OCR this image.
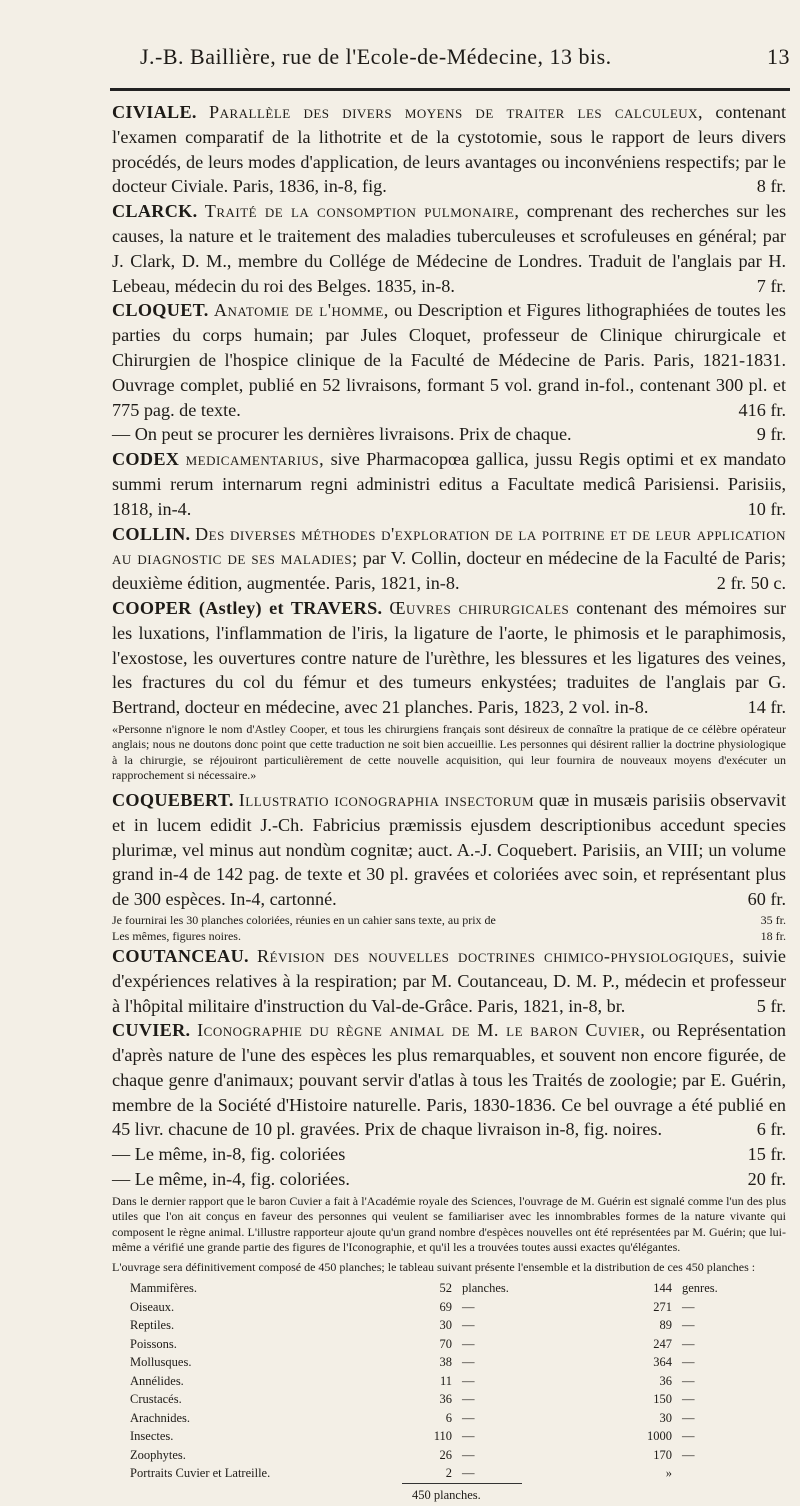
J.-B. Baillière, rue de l'Ecole-de-Médecine, 13 bis.	13

CIVIALE. Parallèle des divers moyens de traiter les calculeux, contenant l'examen comparatif de la lithotrite et de la cystotomie, sous le rapport de leurs divers procédés, de leurs modes d'application, de leurs avantages ou inconvéniens respectifs; par le docteur Civiale. Paris, 1836, in-8, fig.	8 fr.

CLARCK. Traité de la consomption pulmonaire, comprenant des recherches sur les causes, la nature et le traitement des maladies tuberculeuses et scrofuleuses en général; par J. Clark, D. M., membre du Collége de Médecine de Londres. Traduit de l'anglais par H. Lebeau, médecin du roi des Belges. 1835, in-8.	7 fr.

CLOQUET. Anatomie de l'homme, ou Description et Figures lithographiées de toutes les parties du corps humain; par Jules Cloquet, professeur de Clinique chirurgicale et Chirurgien de l'hospice clinique de la Faculté de Médecine de Paris. Paris, 1821-1831. Ouvrage complet, publié en 52 livraisons, formant 5 vol. grand in-fol., contenant 300 pl. et 775 pag. de texte.	416 fr.

— On peut se procurer les dernières livraisons. Prix de chaque.	9 fr.

CODEX medicamentarius, sive Pharmacopœa gallica, jussu Regis optimi et ex mandato summi rerum internarum regni administri editus a Facultate medicâ Parisiensi. Parisiis, 1818, in-4.	10 fr.

COLLIN. Des diverses méthodes d'exploration de la poitrine et de leur application au diagnostic de ses maladies; par V. Collin, docteur en médecine de la Faculté de Paris; deuxième édition, augmentée. Paris, 1821, in-8.	2 fr. 50 c.

COOPER (Astley) et TRAVERS. Œuvres chirurgicales contenant des mémoires sur les luxations, l'inflammation de l'iris, la ligature de l'aorte, le phimosis et le paraphimosis, l'exostose, les ouvertures contre nature de l'urèthre, les blessures et les ligatures des veines, les fractures du col du fémur et des tumeurs enkystées; traduites de l'anglais par G. Bertrand, docteur en médecine, avec 21 planches. Paris, 1823, 2 vol. in-8.	14 fr.

«Personne n'ignore le nom d'Astley Cooper, et tous les chirurgiens français sont désireux de connaître la pratique de ce célèbre opérateur anglais; nous ne doutons donc point que cette traduction ne soit bien accueillie. Les personnes qui désirent rallier la doctrine physiologique à la chirurgie, se réjouiront particulièrement de cette nouvelle acquisition, qui leur fournira de nouveaux moyens d'exécuter un rapprochement si nécessaire.»

COQUEBERT. Illustratio iconographia insectorum quæ in musæis parisiis observavit et in lucem edidit J.-Ch. Fabricius præmissis ejusdem descriptionibus accedunt species plurimæ, vel minus aut nondùm cognitæ; auct. A.-J. Coquebert. Parisiis, an VIII; un volume grand in-4 de 142 pag. de texte et 30 pl. gravées et coloriées avec soin, et représentant plus de 300 espèces. In-4, cartonné.	60 fr.

Je fournirai les 30 planches coloriées, réunies en un cahier sans texte, au prix de	35 fr.
Les mêmes, figures noires.	18 fr.

COUTANCEAU. Révision des nouvelles doctrines chimico-physiologiques, suivie d'expériences relatives à la respiration; par M. Coutanceau, D. M. P., médecin et professeur à l'hôpital militaire d'instruction du Val-de-Grâce. Paris, 1821, in-8, br.	5 fr.

CUVIER. Iconographie du règne animal de M. le baron Cuvier, ou Représentation d'après nature de l'une des espèces les plus remarquables, et souvent non encore figurée, de chaque genre d'animaux; pouvant servir d'atlas à tous les Traités de zoologie; par E. Guérin, membre de la Société d'Histoire naturelle. Paris, 1830-1836. Ce bel ouvrage a été publié en 45 livr. chacune de 10 pl. gravées. Prix de chaque livraison in-8, fig. noires.	6 fr.

— Le même, in-8, fig. coloriées	15 fr.

— Le même, in-4, fig. coloriées.	20 fr.

Dans le dernier rapport que le baron Cuvier a fait à l'Académie royale des Sciences, l'ouvrage de M. Guérin est signalé comme l'un des plus utiles que l'on ait conçus en faveur des personnes qui veulent se familiariser avec les innombrables formes de la nature vivante qui composent le règne animal. L'illustre rapporteur ajoute qu'un grand nombre d'espèces nouvelles ont été représentées par M. Guérin; que lui-même a vérifié une grande partie des figures de l'Iconographie, et qu'il les a trouvées toutes aussi exactes qu'élégantes.
L'ouvrage sera définitivement composé de 450 planches; le tableau suivant présente l'ensemble et la distribution de ces 450 planches :
Mammifères.	52 planches.	144 genres.
Oiseaux.	69 —	271 —
Reptiles.	30 —	89 —
Poissons.	70 —	247 —
Mollusques.	38 —	364 —
Annélides.	11 —	36 —
Crustacés.	36 —	150 —
Arachnides.	6 —	30 —
Insectes.	110 —	1000 —
Zoophytes.	26 —	170 —
Portraits Cuvier et Latreille.	2 —	»
450 planches.
